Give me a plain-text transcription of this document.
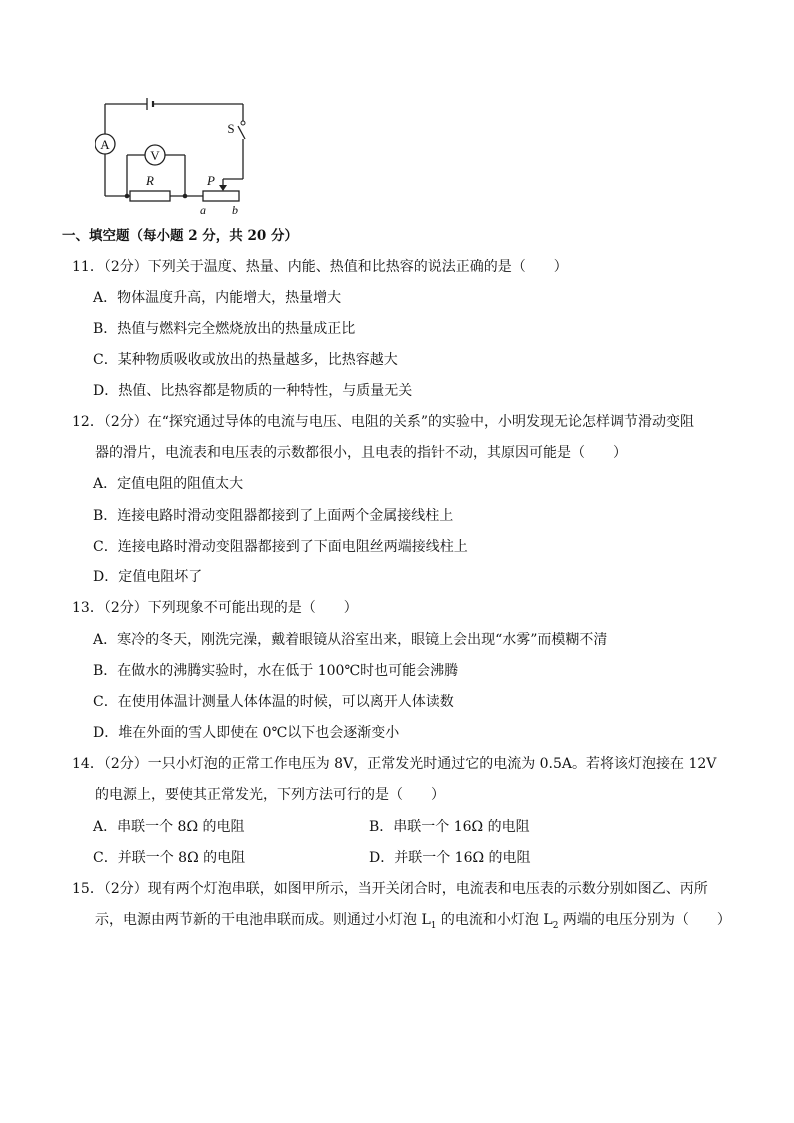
A
V
R
S
P
a b
一、填空题（每小题 2 分，共 20 分）
11．（2分）下列关于温度、热量、内能、热值和比热容的说法正确的是（　　）
A．物体温度升高，内能增大，热量增大
B．热值与燃料完全燃烧放出的热量成正比
C．某种物质吸收或放出的热量越多，比热容越大
D．热值、比热容都是物质的一种特性，与质量无关
12．（2分）在“探究通过导体的电流与电压、电阻的关系”的实验中，小明发现无论怎样调节滑动变阻
器的滑片，电流表和电压表的示数都很小，且电表的指针不动，其原因可能是（　　）
A．定值电阻的阻值太大
B．连接电路时滑动变阻器都接到了上面两个金属接线柱上
C．连接电路时滑动变阻器都接到了下面电阻丝两端接线柱上
D．定值电阻坏了
13．（2分）下列现象不可能出现的是（　　）
A．寒冷的冬天，刚洗完澡，戴着眼镜从浴室出来，眼镜上会出现“水雾”而模糊不清
B．在做水的沸腾实验时，水在低于 100℃时也可能会沸腾
C．在使用体温计测量人体体温的时候，可以离开人体读数
D．堆在外面的雪人即使在 0℃以下也会逐渐变小
14．（2分）一只小灯泡的正常工作电压为 8V，正常发光时通过它的电流为 0.5A。若将该灯泡接在 12V
的电源上，要使其正常发光，下列方法可行的是（　　）
A．串联一个 8Ω 的电阻	B．串联一个 16Ω 的电阻
C．并联一个 8Ω 的电阻	D．并联一个 16Ω 的电阻
15．（2分）现有两个灯泡串联，如图甲所示，当开关闭合时，电流表和电压表的示数分别如图乙、丙所
示，电源由两节新的干电池串联而成。则通过小灯泡 $L_1$ 的电流和小灯泡 $L_2$ 两端的电压分别为（　　）
